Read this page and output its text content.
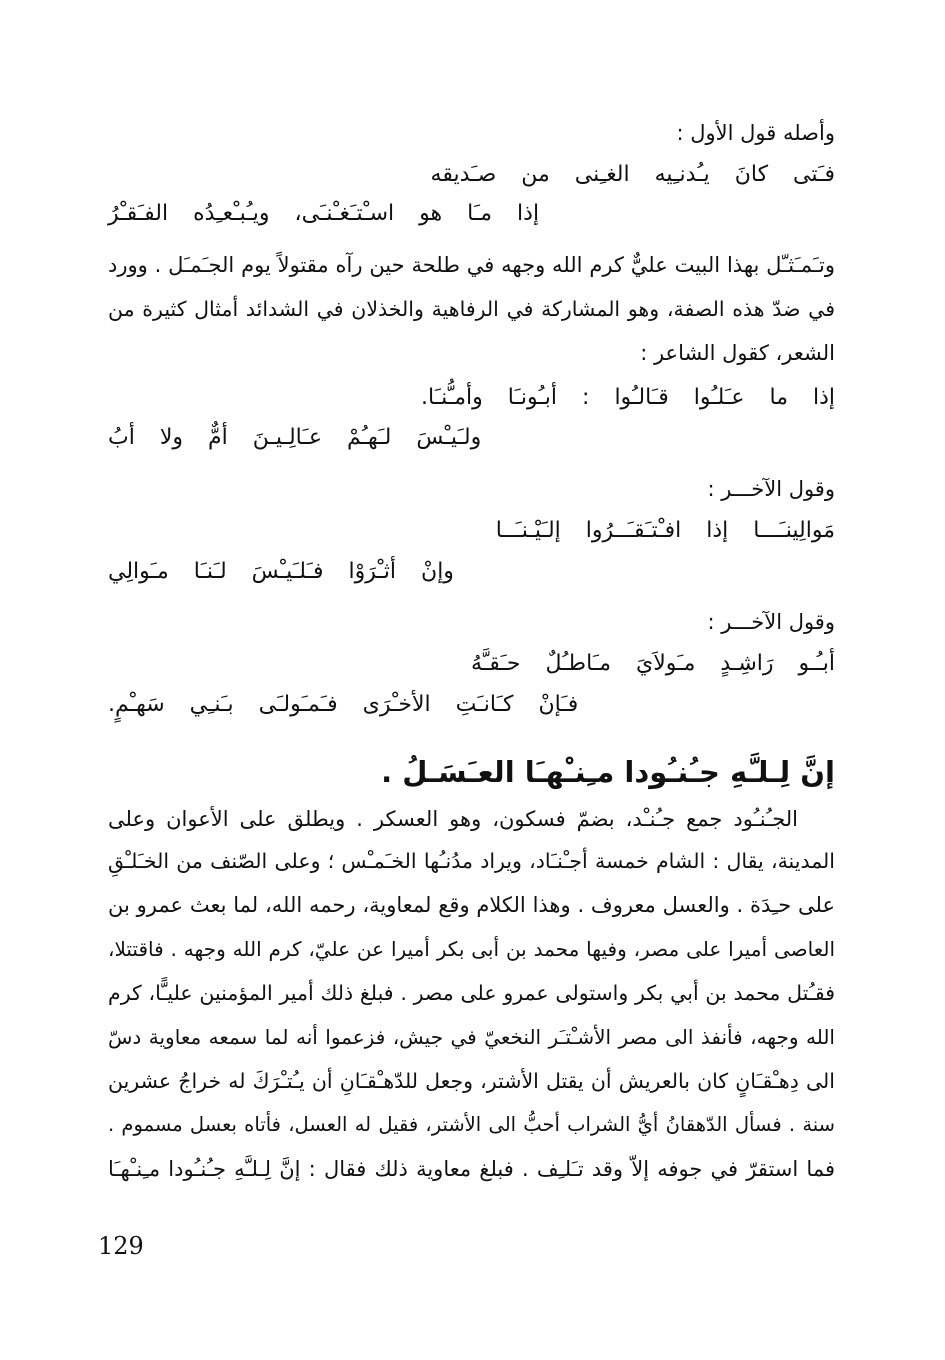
وأصله قول الأول :
فـَتى كانَ يـُدنـِيه الغـِنى من صـَديقه
إذا مـَا هو اسـْتـَغـْنـَى، ويـُبـْعـِدُه الفـَقـْرُ
وتـَمـَثـّل بهذا البيت عليٌّ كرم الله وجهه في طلحة حين رآه مقتولاً يوم الجـَمـَل . وورد
في ضدّ هذه الصفة، وهو المشاركة في الرفاهية والخذلان في الشدائد أمثال كثيرة من
الشعر، كقول الشاعر :
إذا ما عـَلـُوا قـَالـُوا : أبـُونـَا وأمـُّنـَا.
ولـَيـْسَ لـَهـُمْ عـَالِـيـنَ أمٌّ ولا أبُ
وقول الآخـــر :
مَوالِينـَـــا إذا افـْتـَقـَــرُوا إلـَيْـنـَــا
وإنْ أثـْرَوْا فـَلـَيـْسَ لـَنـَا مـَوالِي
وقول الآخـــر :
أبـُـو رَاشِـدٍ مـَولاَيَ مـَاطـُلٌ حـَقـَّهُ
فـَإنْ كـَانـَتِ الأخـْرَى فـَمـَولـَى بـَنـِي سَهـْمٍ.
إنَّ لِـلـَّهِ جـُنـُودا مـِنـْهـَا العـَسَـلُ .
الجـُنـُود جمع جـُنـْد، بضمّ فسكون، وهو العسكر . ويطلق على الأعوان وعلى
المدينة، يقال : الشام خمسة أجـْنـَاد، ويراد مدُنـُها الخـَمـْس ؛ وعلى الصّنف من الخـَلـْقِ
على حـِدَة . والعسل معروف . وهذا الكلام وقع لمعاوية، رحمه الله، لما بعث عمرو بن
العاصى أميرا على مصر، وفيها محمد بن أبى بكر أميرا عن عليّ، كرم الله وجهه . فاقتتلا،
فقـُتل محمد بن أبي بكر واستولى عمرو على مصر . فبلغ ذلك أمير المؤمنين عليـًّا، كرم
الله وجهه، فأنفذ الى مصر الأشـْتـَر النخعيّ في جيش، فزعموا أنه لما سمعه معاوية دسّ
الى دِهـْقـَانٍ كان بالعريش أن يقتل الأشتر، وجعل للدّهـْقـَانِ أن يـُتـْرَكَ له خراجُ عشرين
سنة . فسأل الدّهقانُ أيُّ الشراب أحبُّ الى الأشتر، فقيل له العسل، فأتاه بعسل مسموم .
فما استقرّ في جوفه إلاّ وقد تـَلـِف . فبلغ معاوية ذلك فقال : إنَّ لِـلـَّهِ جـُنـُودا مـِنـْهـَا
129
